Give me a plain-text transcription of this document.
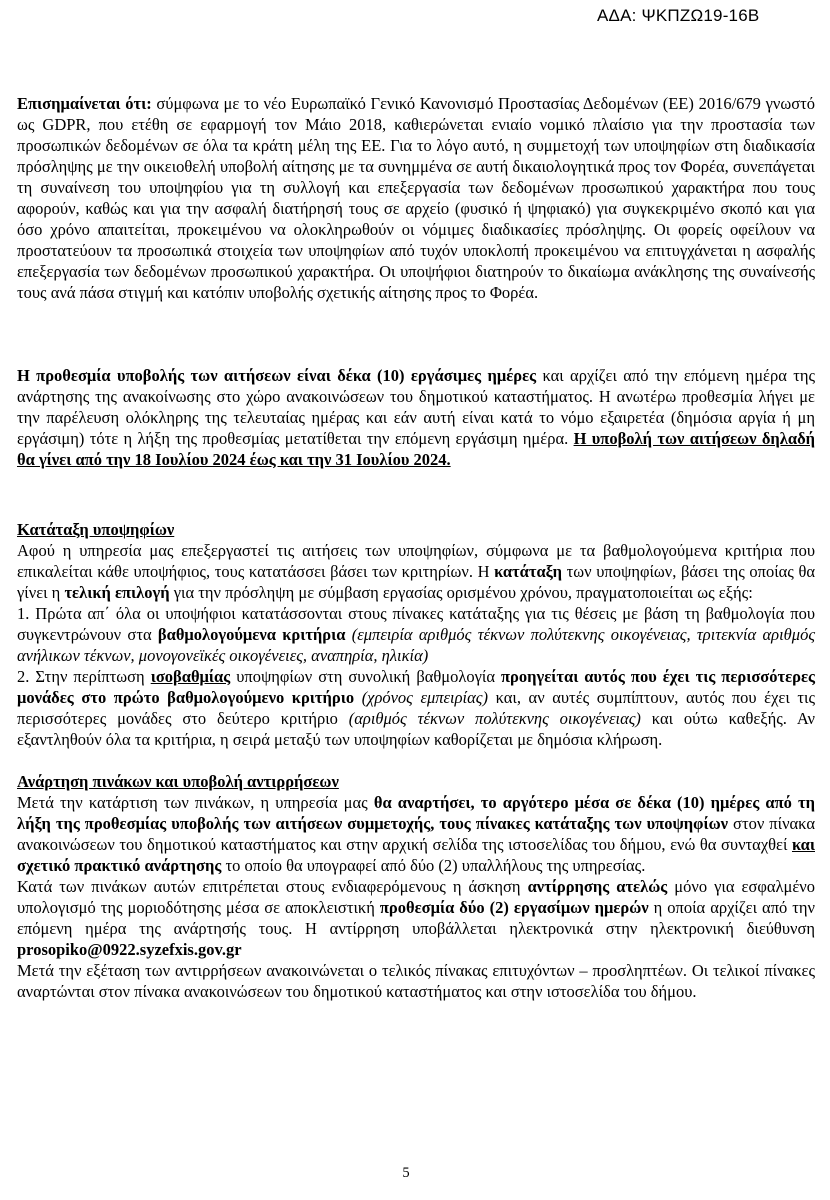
ΑΔΑ: ΨΚΠΖΩ19-16Β

Επισημαίνεται ότι: σύμφωνα με το νέο Ευρωπαϊκό Γενικό Κανονισμό Προστασίας Δεδομένων (ΕΕ) 2016/679 γνωστό ως GDPR, που ετέθη σε εφαρμογή τον Μάιο 2018, καθιερώνεται ενιαίο νομικό πλαίσιο για την προστασία των προσωπικών δεδομένων σε όλα τα κράτη μέλη της ΕΕ. Για το λόγο αυτό, η συμμετοχή των υποψηφίων στη διαδικασία πρόσληψης με την οικειοθελή υποβολή αίτησης με τα συνημμένα σε αυτή δικαιολογητικά προς τον Φορέα, συνεπάγεται τη συναίνεση του υποψηφίου για τη συλλογή και επεξεργασία των δεδομένων προσωπικού χαρακτήρα που τους αφορούν, καθώς και για την ασφαλή διατήρησή τους σε αρχείο (φυσικό ή ψηφιακό) για συγκεκριμένο σκοπό και για όσο χρόνο απαιτείται, προκειμένου να ολοκληρωθούν οι νόμιμες διαδικασίες πρόσληψης. Οι φορείς οφείλουν να προστατεύουν τα προσωπικά στοιχεία των υποψηφίων από τυχόν υποκλοπή προκειμένου να επιτυγχάνεται η ασφαλής επεξεργασία των δεδομένων προσωπικού χαρακτήρα. Οι υποψήφιοι διατηρούν το δικαίωμα ανάκλησης της συναίνεσής τους ανά πάσα στιγμή και κατόπιν υποβολής σχετικής αίτησης προς το Φορέα.

Η προθεσμία υποβολής των αιτήσεων είναι δέκα (10) εργάσιμες ημέρες και αρχίζει από την επόμενη ημέρα της ανάρτησης της ανακοίνωσης στο χώρο ανακοινώσεων του δημοτικού καταστήματος. Η ανωτέρω προθεσμία λήγει με την παρέλευση ολόκληρης της τελευταίας ημέρας και εάν αυτή είναι κατά το νόμο εξαιρετέα (δημόσια αργία ή μη εργάσιμη) τότε η λήξη της προθεσμίας μετατίθεται την επόμενη εργάσιμη ημέρα. Η υποβολή των αιτήσεων δηλαδή θα γίνει από την 18 Ιουλίου 2024 έως και την 31 Ιουλίου 2024.

Κατάταξη υποψηφίων

Αφού η υπηρεσία μας επεξεργαστεί τις αιτήσεις των υποψηφίων, σύμφωνα με τα βαθμολογούμενα κριτήρια που επικαλείται κάθε υποψήφιος, τους κατατάσσει βάσει των κριτηρίων. Η κατάταξη των υποψηφίων, βάσει της οποίας θα γίνει η τελική επιλογή για την πρόσληψη με σύμβαση εργασίας ορισμένου χρόνου, πραγματοποιείται ως εξής:

1. Πρώτα απ΄ όλα οι υποψήφιοι κατατάσσονται στους πίνακες κατάταξης για τις θέσεις με βάση τη βαθμολογία που συγκεντρώνουν στα βαθμολογούμενα κριτήρια (εμπειρία αριθμός τέκνων πολύτεκνης οικογένειας, τριτεκνία αριθμός ανήλικων τέκνων, μονογονεϊκές οικογένειες, αναπηρία, ηλικία)

2. Στην περίπτωση ισοβαθμίας υποψηφίων στη συνολική βαθμολογία προηγείται αυτός που έχει τις περισσότερες μονάδες στο πρώτο βαθμολογούμενο κριτήριο (χρόνος εμπειρίας) και, αν αυτές συμπίπτουν, αυτός που έχει τις περισσότερες μονάδες στο δεύτερο κριτήριο (αριθμός τέκνων πολύτεκνης οικογένειας) και ούτω καθεξής. Αν εξαντληθούν όλα τα κριτήρια, η σειρά μεταξύ των υποψηφίων καθορίζεται με δημόσια κλήρωση.

Ανάρτηση πινάκων και υποβολή αντιρρήσεων

Μετά την κατάρτιση των πινάκων, η υπηρεσία μας θα αναρτήσει, το αργότερο μέσα σε δέκα (10) ημέρες από τη λήξη της προθεσμίας υποβολής των αιτήσεων συμμετοχής, τους πίνακες κατάταξης των υποψηφίων στον πίνακα ανακοινώσεων του δημοτικού καταστήματος και στην αρχική σελίδα της ιστοσελίδας του δήμου, ενώ θα συνταχθεί και σχετικό πρακτικό ανάρτησης το οποίο θα υπογραφεί από δύο (2) υπαλλήλους της υπηρεσίας.

Κατά των πινάκων αυτών επιτρέπεται στους ενδιαφερόμενους η άσκηση αντίρρησης ατελώς μόνο για εσφαλμένο υπολογισμό της μοριοδότησης μέσα σε αποκλειστική προθεσμία δύο (2) εργασίμων ημερών η οποία αρχίζει από την επόμενη ημέρα της ανάρτησής τους. Η αντίρρηση υποβάλλεται ηλεκτρονικά στην ηλεκτρονική διεύθυνση prosopiko@0922.syzefxis.gov.gr

Μετά την εξέταση των αντιρρήσεων ανακοινώνεται ο τελικός πίνακας επιτυχόντων – προσληπτέων. Οι τελικοί πίνακες αναρτώνται στον πίνακα ανακοινώσεων του δημοτικού καταστήματος και στην ιστοσελίδα του δήμου.

5
